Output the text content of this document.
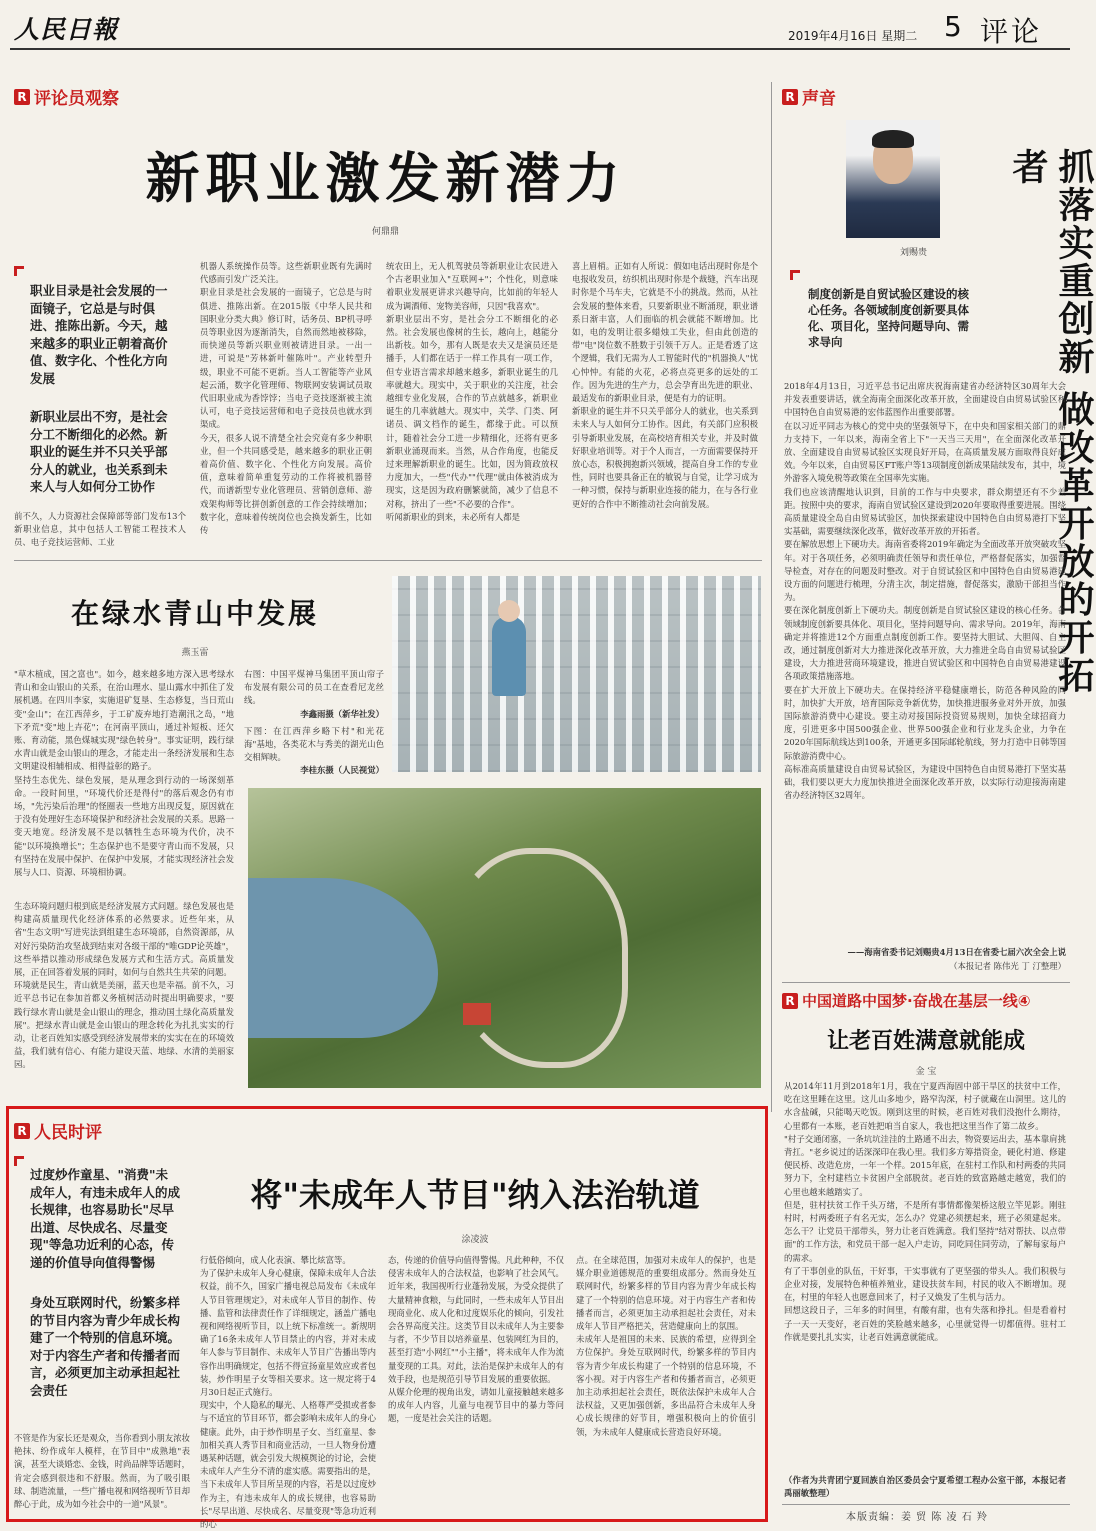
人民日報	2019年4月16日 星期二 5 评论
R 评论员观察
新职业激发新潜力
何鼎鼎
职业目录是社会发展的一面镜子，它总是与时俱进、推陈出新。今天，越来越多的职业正朝着高价值、数字化、个性化方向发展
新职业层出不穷，是社会分工不断细化的必然。新职业的诞生并不只关乎部分人的就业，也关系到未来人与人如何分工协作
前不久，人力资源社会保障部等部门发布13个新职业信息，其中包括人工智能工程技术人员、电子竞技运营师、工业
机器人系统操作员等。这些新职业既有先满时代感而引发广泛关注。
职业目录是社会发展的一面镜子，它总是与时俱进、推陈出新。在2015版《中华人民共和国职业分类大典》修订时，话务员、BP机寻呼员等职业因为逐渐消失，自然而然地被移除，而快递员等新兴职业则被请进目录。一出一进，可说是"芳林新叶催陈叶"。产业转型升级，职业不可能不更新。当人工智能等产业风起云涌，数字化管理师、物联网安装调试员取代旧职业成为香饽饽；当电子竞技逐渐被主流认可，电子竞技运营师和电子竞技员也就水到渠成。
今天，很多人说不清楚全社会究竟有多少种职业，但一个共同感受是，越来越多的职业正朝着高价值、数字化、个性化方向发展。高价值，意味着简单重复劳动的工作将被机器替代，而谱新型专业化管理员、营销创意师、游戏架构师等比拼创新创意的工作会持续增加；数字化，意味着传统岗位也会换发新生，比如传
统农田上，无人机驾驶员等新职业让农民进入个古老职业加入"互联网+"；个性化，则意味着职业发展更讲求兴趣导向，比如前的年轻人成为调酒师、宠物美容师，只因"我喜欢"。
新职业层出不穷，是社会分工不断细化的必然。社会发展也像树的生长，越向上，越能分出新枝。如今，那有人既是农夫又是演员还是播手，人们都在话于一样工作具有一项工作，但专业语言需求却越来越多，新职业诞生的几率就越大。现实中，关于职业的关注度，社会越细专业化发展，合作的节点就越多，新职业诞生的几率就越大。现实中，关学、门类、阿诺员、调文档作的诞生，都缘于此。可以预计，随着社会分工进一步精细化，还将有更多新职业涌现而来。当然，从合作角度，也能反过来理解新职业的诞生。比如，因为简政放权力度加大，一些"代办""代理"就由体被消成为现实，这是因为政府删繁就简，减少了信息不对称，挤出了一些"不必要的合作"。
听闻新职业的到来，未必所有人都是
喜上眉梢。正如有人所说：假如电话出现时你是个电报收发员，纺织机出现时你是个裁缝，汽车出现时你是个马车夫，它就是不小的挑战。然而，从社会发展的整体来看，只要新职业不断涌现，职业谱系日渐丰富，人们面临的机会就能不断增加。比如，电的发明让很多蜡烛工失业，但由此创造的带"电"岗位数不胜数于引领千万人。正是看透了这个逻辑，我们无需为人工智能时代的"机器换人"忧心忡忡。有能的火花，必将点亮更多的远处的工作。因为先进的生产力，总会孕育出先进的职业、最适发布的新职业目录，便是有力的证明。
新职业的诞生并不只关乎部分人的就业，也关系到未来人与人如何分工协作。因此，有关部门应积极引导新职业发展，在高校培育相关专业，并及时做好职业培训等。对于个人而言，一方面需要保持开放心态，积极拥抱新兴领域，提高自身工作的专业性，同时也要具备正在的敏锐与自觉，让学习成为一种习惯，保持与新职业连接的能力，在与各行业更好的合作中不断推动社会向前发展。
在绿水青山中发展
燕玉雷
"草木植成，国之富也"。如今，越来越多地方深入思考绿水青山和金山银山的关系，在治山理水、显山露水中抓住了发展机遇。在四川李家，实施退矿复垦、生态修复，当日荒山变"金山"；在江西萍乡，于工矿废弃地打造潮汛之岛，"地下矛荒"变"地上卉花"；在河南平顶山，通过补短板、还欠账、育动能，黑色煤城实现"绿色转身"。事实证明，践行绿水青山就是金山银山的理念，才能走出一条经济发展和生态文明建设相辅相成、相得益彰的路子。
坚持生态优先、绿色发展，是从理念到行动的一场深刻革命。一段时间里，"环境代价还是得付"的落后观念仍有市场，"先污染后治理"的怪圈表一些地方出现反复，原因就在于没有处理好生态环境保护和经济社会发展的关系。思路一变天地宽。经济发展不是以牺牲生态环境为代价，决不能"以环境换增长"；生态保护也不是要守青山而不发展，只有坚持在发展中保护、在保护中发展，才能实现经济社会发展与人口、资源、环境相协调。
生态环境问题归根到底是经济发展方式问题。绿色发展也是构建高质量现代化经济体系的必然要求。近些年来，从省"生态文明"写进宪法到组建生态环境部，自然资源部，从对好污染防治攻坚战到结束对各级干部的"唯GDP论英雄"，这些举措以推动形成绿色发展方式和生活方式。高质量发展，正在回答着发展的同时，如何与自然共生共荣的问题。
环境就是民生，青山就是美丽，蓝天也是幸福。前不久，习近平总书记在参加首都义务植树活动时提出明确要求，"要践行绿水青山就是金山银山的理念，推动国土绿化高质量发展"。把绿水青山就是金山银山的理念转化为扎扎实实的行动，让老百姓知实感受到经济发展带来的实实在在的环境效益，我们就有信心、有能力建设天蓝、地绿、水清的美丽家园。
右图：中国平煤神马集团平顶山帘子布发展有限公司的员工在查看尼龙丝线。
李鑫雨摄（新华社发）
下图：在江西萍乡略下村"和光花海"基地，各类花木与秀美的湖光山色交相辉映。
李桂东摄（人民视觉）
R 人民时评
将"未成年人节目"纳入法治轨道
涂凌波
过度炒作童星、"消费"未成年人，有违未成年人的成长规律，也容易助长"尽早出道、尽快成名、尽量变现"等急功近利的心态，传递的价值导向值得警惕
身处互联网时代，纷繁多样的节目内容为青少年成长构建了一个特别的信息环境。对于内容生产者和传播者而言，必须更加主动承担起社会责任
不管是作为家长还是观众，当你看到小朋友浓妆艳抹、纷作成年人模样，在节目中"成熟地"表演，甚至大谈婚恋、金钱，时尚品牌等话题时，肯定会感到很违和不舒服。然而，为了吸引眼球、制造流量，一些广播电视和网络视听节目却醉心于此，成为如今社会中的一道"风景"。
行低俗倾向，成人化表演、攀比炫富等。
为了保护未成年人身心健康，保障未成年人合法权益，前不久，国家广播电视总局发布《未成年人节目管理规定》，对未成年人节目的制作、传播、监管和法律责任作了详细规定，涵盖广播电视和网络视听节目，以上统下标准统一。新规明确了16条未成年人节目禁止的内容，并对未成年人参与节目制作、未成年人节目广告播出等内容作出明确规定，包括不得宣扬童星效应或者包装，炒作明星子女等相关要求。这一规定将于4月30日起正式施行。
现实中，个人隐私的曝光、人格尊严受损或者参与不适宜的节目环节，都会影响未成年人的身心健康。此外，由于炒作明星子女、当红童星、参加相关真人秀节目和商业活动，一旦人物身份遭遇某种话题，就会引发大规模舆论的讨论，会使未成年人产生分不清的虚实感。需要指出的是，当下未成年人节目所呈现的内容，若是以过度炒作为主，有违未成年人的成长规律，也容易助长"尽早出道、尽快成名、尽量变现"等急功近利的心
态，传递的价值导向值得警惕。凡此种种，不仅侵害未成年人的合法权益，也影响了社会风气。
近年来，我国视听行业蓬勃发展，为受众提供了大量精神食粮，与此同时，一些未成年人节目出现商业化、成人化和过度娱乐化的倾向，引发社会各界高度关注。这类节目以未成年人为主要参与者，不少节目以培养童星、包装网红为目的，甚至打造"小网红""小主播"，将未成年人作为流量变现的工具。对此，法治是保护未成年人的有效手段，也是规范引导节目发展的重要依据。
从媒介伦理的视角出发，请如儿童接触越来越多的成年人内容，儿童与电视节目中的暴力等问题，一度是社会关注的话题。
点。在全球范围，加强对未成年人的保护，也是媒介职业道德规范的重要组成部分。然而身处互联网时代，纷繁多样的节目内容为青少年成长构建了一个特别的信息环境。对于内容生产者和传播者而言，必须更加主动承担起社会责任，对未成年人节目严格把关，营造健康向上的氛围。
未成年人是祖国的未来、民族的希望，应得到全方位保护。身处互联网时代，纷繁多样的节目内容为青少年成长构建了一个特别的信息环境，不客小视。对于内容生产者和传播者而言，必须更加主动承担起社会责任，既依法保护未成年人合法权益，又更加强创新，多出品符合未成年人身心成长规律的好节目，增强积极向上的价值引领，为未成年人健康成长营造良好环境。
R 声音
刘赐贵	抓落实重创新 做改革开放的开拓者
制度创新是自贸试验区建设的核心任务。各领域制度创新要具体化、项目化，坚持问题导向、需求导向
2018年4月13日，习近平总书记出席庆祝海南建省办经济特区30周年大会并发表重要讲话，就全海南全面深化改革开放，全面建设自由贸易试验区和中国特色自由贸易港的宏伟蓝图作出重要部署。
在以习近平同志为核心的党中央的坚强领导下，在中央和国家相关部门的鼎力支持下，一年以来，海南全省上下"一天当三天用"，在全面深化改革开放、全面建设自由贸易试验区实现良好开局，在高质量发展方面取得良好成效。今年以来，自由贸易区FT账户等13项制度创新成果陆续发布，其中，境外游客入境免税等政策在全国率先实施。
我们也应该清醒地认识到，目前的工作与中央要求，群众期望还有不少差距。按照中央的要求，海南自贸试验区建设到2020年要取得重要进展。围绕高质量建设全岛自由贸易试验区，加快探索建设中国特色自由贸易港打下坚实基础，需要继续深化改革，做好改革开放的开拓者。
要在解放思想上下硬功夫。海南省委将2019年确定为全面改革开放突破攻坚年。对于各项任务，必须明确责任领导和责任单位，严格督促落实，加强督导检查，对存在的问题及时整改。对于自贸试验区和中国特色自由贸易港建设方面的问题进行梳理，分清主次，制定措施，督促落实，激励干部担当作为。
要在深化制度创新上下硬功夫。制度创新是自贸试验区建设的核心任务。各领域制度创新要具体化、项目化，坚持问题导向、需求导向。2019年，海南确定并将推进12个方面重点制度创新工作。要坚持大胆试、大胆闯、自主改，通过制度创新对大力推进深化改革开放，大力推进全岛自由贸易试验区建设，大力推进营商环境建设，推进自贸试验区和中国特色自由贸易港建设各项政策措施落地。
要在扩大开放上下硬功夫。在保持经济平稳健康增长，防范各种风险的同时，加快扩大开放，培育国际竞争新优势，加快推进服务业对外开放，加强国际旅游消费中心建设。要主动对接国际投资贸易规则，加快全球招商力度，引进更多中国500强企业、世界500强企业和行业龙头企业，力争在2020年国际航线达到100条，开通更多国际邮轮航线，努力打造中日韩等国际旅游消费中心。
高标准高质量建设自由贸易试验区，为建设中国特色自由贸易港打下坚实基础，我们要以更大力度加快推进全面深化改革开放，以实际行动迎接海南建省办经济特区32周年。
——海南省委书记刘赐贵4月13日在省委七届六次全会上说
（本报记者 陈伟光 丁 汀整理）
R 中国道路中国梦·奋战在基层一线④
让老百姓满意就能成
金 宝
从2014年11月到2018年1月，我在宁夏西海固中部干旱区的扶贫中工作，吃在这里睡在这里。这儿山多地少，路窄沟深，村子就藏在山洞里。这儿的水含盐碱，只能喝天吃饭。刚到这里的时候，老百姓对我们没抱什么期待，心里都有一本账，老百姓把咱当自家人，我也把这里当作了第二故乡。
"村子交通闭塞，一条坑坑洼洼的土路通不出去，物资要运出去，基本靠肩挑背扛。"老乡说过的话深深印在我心里。我们多方筹措资金，硬化村道、修建便民桥、改造危房，一年一个样。2015年底，在驻村工作队和村两委的共同努力下，全村建档立卡贫困户全部脱贫。老百姓的致富路越走越宽，我们的心里也越来越踏实了。
但是，驻村扶贫工作千头万绪，不是所有事情都像架桥这般立竿见影。刚驻村时，村两委班子有名无实，怎么办？党建必须摆起来，班子必须建起来。怎么干？让党员干部带头，努力让老百姓满意。我们坚持"结对帮扶、以点带面"的工作方法，和党员干部一起入户走访，同吃同住同劳动，了解每家每户的需求。
有了干事创业的队伍，干好事，干实事就有了更坚强的带头人。我们积极与企业对接，发展特色种植养殖业，建设扶贫车间，村民的收入不断增加。现在，村里的年轻人也愿意回来了，村子又焕发了生机与活力。
回想这段日子，三年多的时间里，有酸有甜，也有失落和挣扎。但是看着村子一天一天变好，老百姓的笑脸越来越多，心里就觉得一切都值得。驻村工作就是要扎扎实实，让老百姓满意就能成。
（作者为共青团宁夏回族自治区委员会宁夏希望工程办公室干部，本报记者禹丽敏整理）
本版责编：姜 贸 陈 凌 石 羚
